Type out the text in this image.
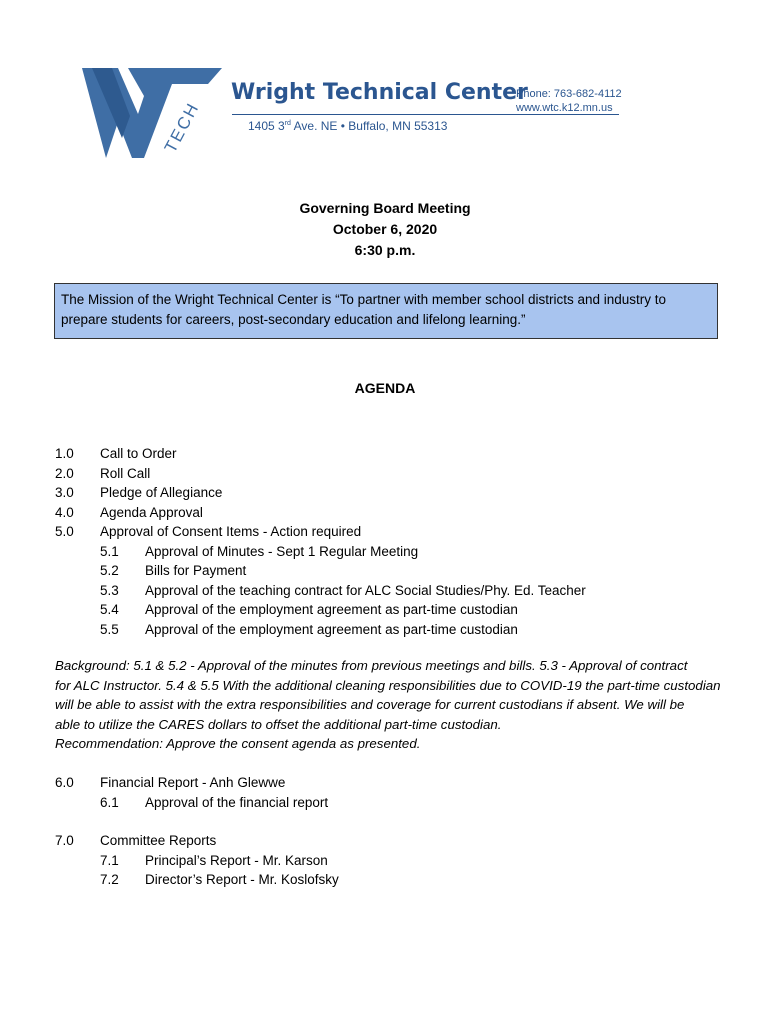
TECH
Wright Technical Center
Phone: 763-682-4112
www.wtc.k12.mn.us
1405 3rd Ave. NE • Buffalo, MN 55313
Governing Board Meeting
October 6, 2020
6:30 p.m.
The Mission of the Wright Technical Center is “To partner with member school districts and industry to prepare students for careers, post-secondary education and lifelong learning.”
AGENDA
1.0 Call to Order
2.0 Roll Call
3.0 Pledge of Allegiance
4.0 Agenda Approval
5.0 Approval of Consent Items - Action required
5.1 Approval of Minutes - Sept 1 Regular Meeting
5.2 Bills for Payment
5.3 Approval of the teaching contract for ALC Social Studies/Phy. Ed. Teacher
5.4 Approval of the employment agreement as part-time custodian
5.5 Approval of the employment agreement as part-time custodian
Background: 5.1 & 5.2 - Approval of the minutes from previous meetings and bills. 5.3 - Approval of contract
for ALC Instructor. 5.4 & 5.5 With the additional cleaning responsibilities due to COVID-19 the part-time custodian
will be able to assist with the extra responsibilities and coverage for current custodians if absent. We will be
able to utilize the CARES dollars to offset the additional part-time custodian.
Recommendation: Approve the consent agenda as presented.
6.0 Financial Report - Anh Glewwe
6.1 Approval of the financial report
7.0 Committee Reports
7.1 Principal’s Report - Mr. Karson
7.2 Director’s Report - Mr. Koslofsky
